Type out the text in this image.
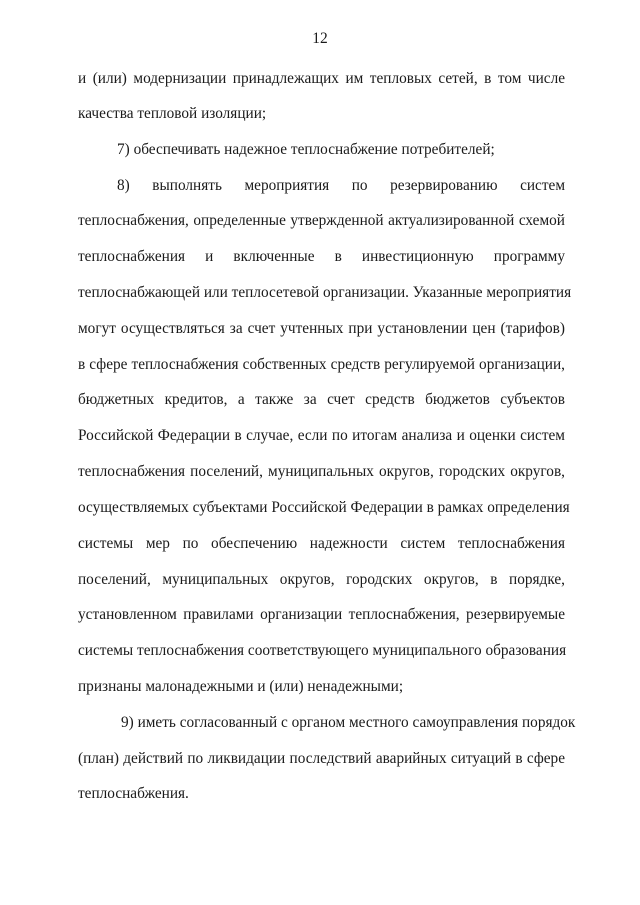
12
и (или) модернизации принадлежащих им тепловых сетей, в том числе
качества тепловой изоляции;
7) обеспечивать надежное теплоснабжение потребителей;
8) выполнять мероприятия по резервированию систем
теплоснабжения, определенные утвержденной актуализированной схемой
теплоснабжения и включенные в инвестиционную программу
теплоснабжающей или теплосетевой организации. Указанные мероприятия
могут осуществляться за счет учтенных при установлении цен (тарифов)
в сфере теплоснабжения собственных средств регулируемой организации,
бюджетных кредитов, а также за счет средств бюджетов субъектов
Российской Федерации в случае, если по итогам анализа и оценки систем
теплоснабжения поселений, муниципальных округов, городских округов,
осуществляемых субъектами Российской Федерации в рамках определения
системы мер по обеспечению надежности систем теплоснабжения
поселений, муниципальных округов, городских округов, в порядке,
установленном правилами организации теплоснабжения, резервируемые
системы теплоснабжения соответствующего муниципального образования
признаны малонадежными и (или) ненадежными;
9) иметь согласованный с органом местного самоуправления порядок
(план) действий по ликвидации последствий аварийных ситуаций в сфере
теплоснабжения.
